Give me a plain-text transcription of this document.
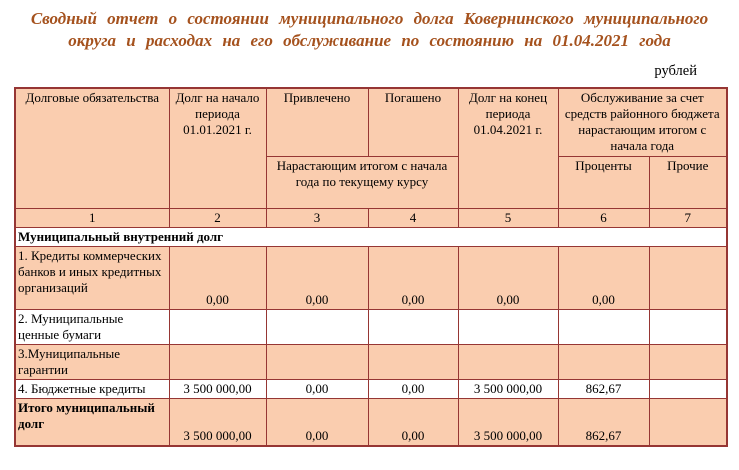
Сводный отчет о состоянии муниципального долга Ковернинского муниципального
округа и расходах на его обслуживание по состоянию на 01.04.2021 года
рублей
Долговые обязательства	Долг на начало периода 01.01.2021 г.	Привлечено	Погашено	Долг на конец периода 01.04.2021 г.	Обслуживание за счет средств районного бюджета нарастающим итогом с начала года	
		Нарастающим итогом с начала года по текущему курсу			Проценты	Прочие
1	2	3	4	5	6	7
Муниципальный внутренний долг						
1. Кредиты коммерческих банков и иных кредитных организаций	0,00	0,00	0,00	0,00	0,00	
2. Муниципальные ценные бумаги						
3.Муниципальные гарантии						
4. Бюджетные кредиты	3 500 000,00	0,00	0,00	3 500 000,00	862,67	
Итого муниципальный долг	3 500 000,00	0,00	0,00	3 500 000,00	862,67	
